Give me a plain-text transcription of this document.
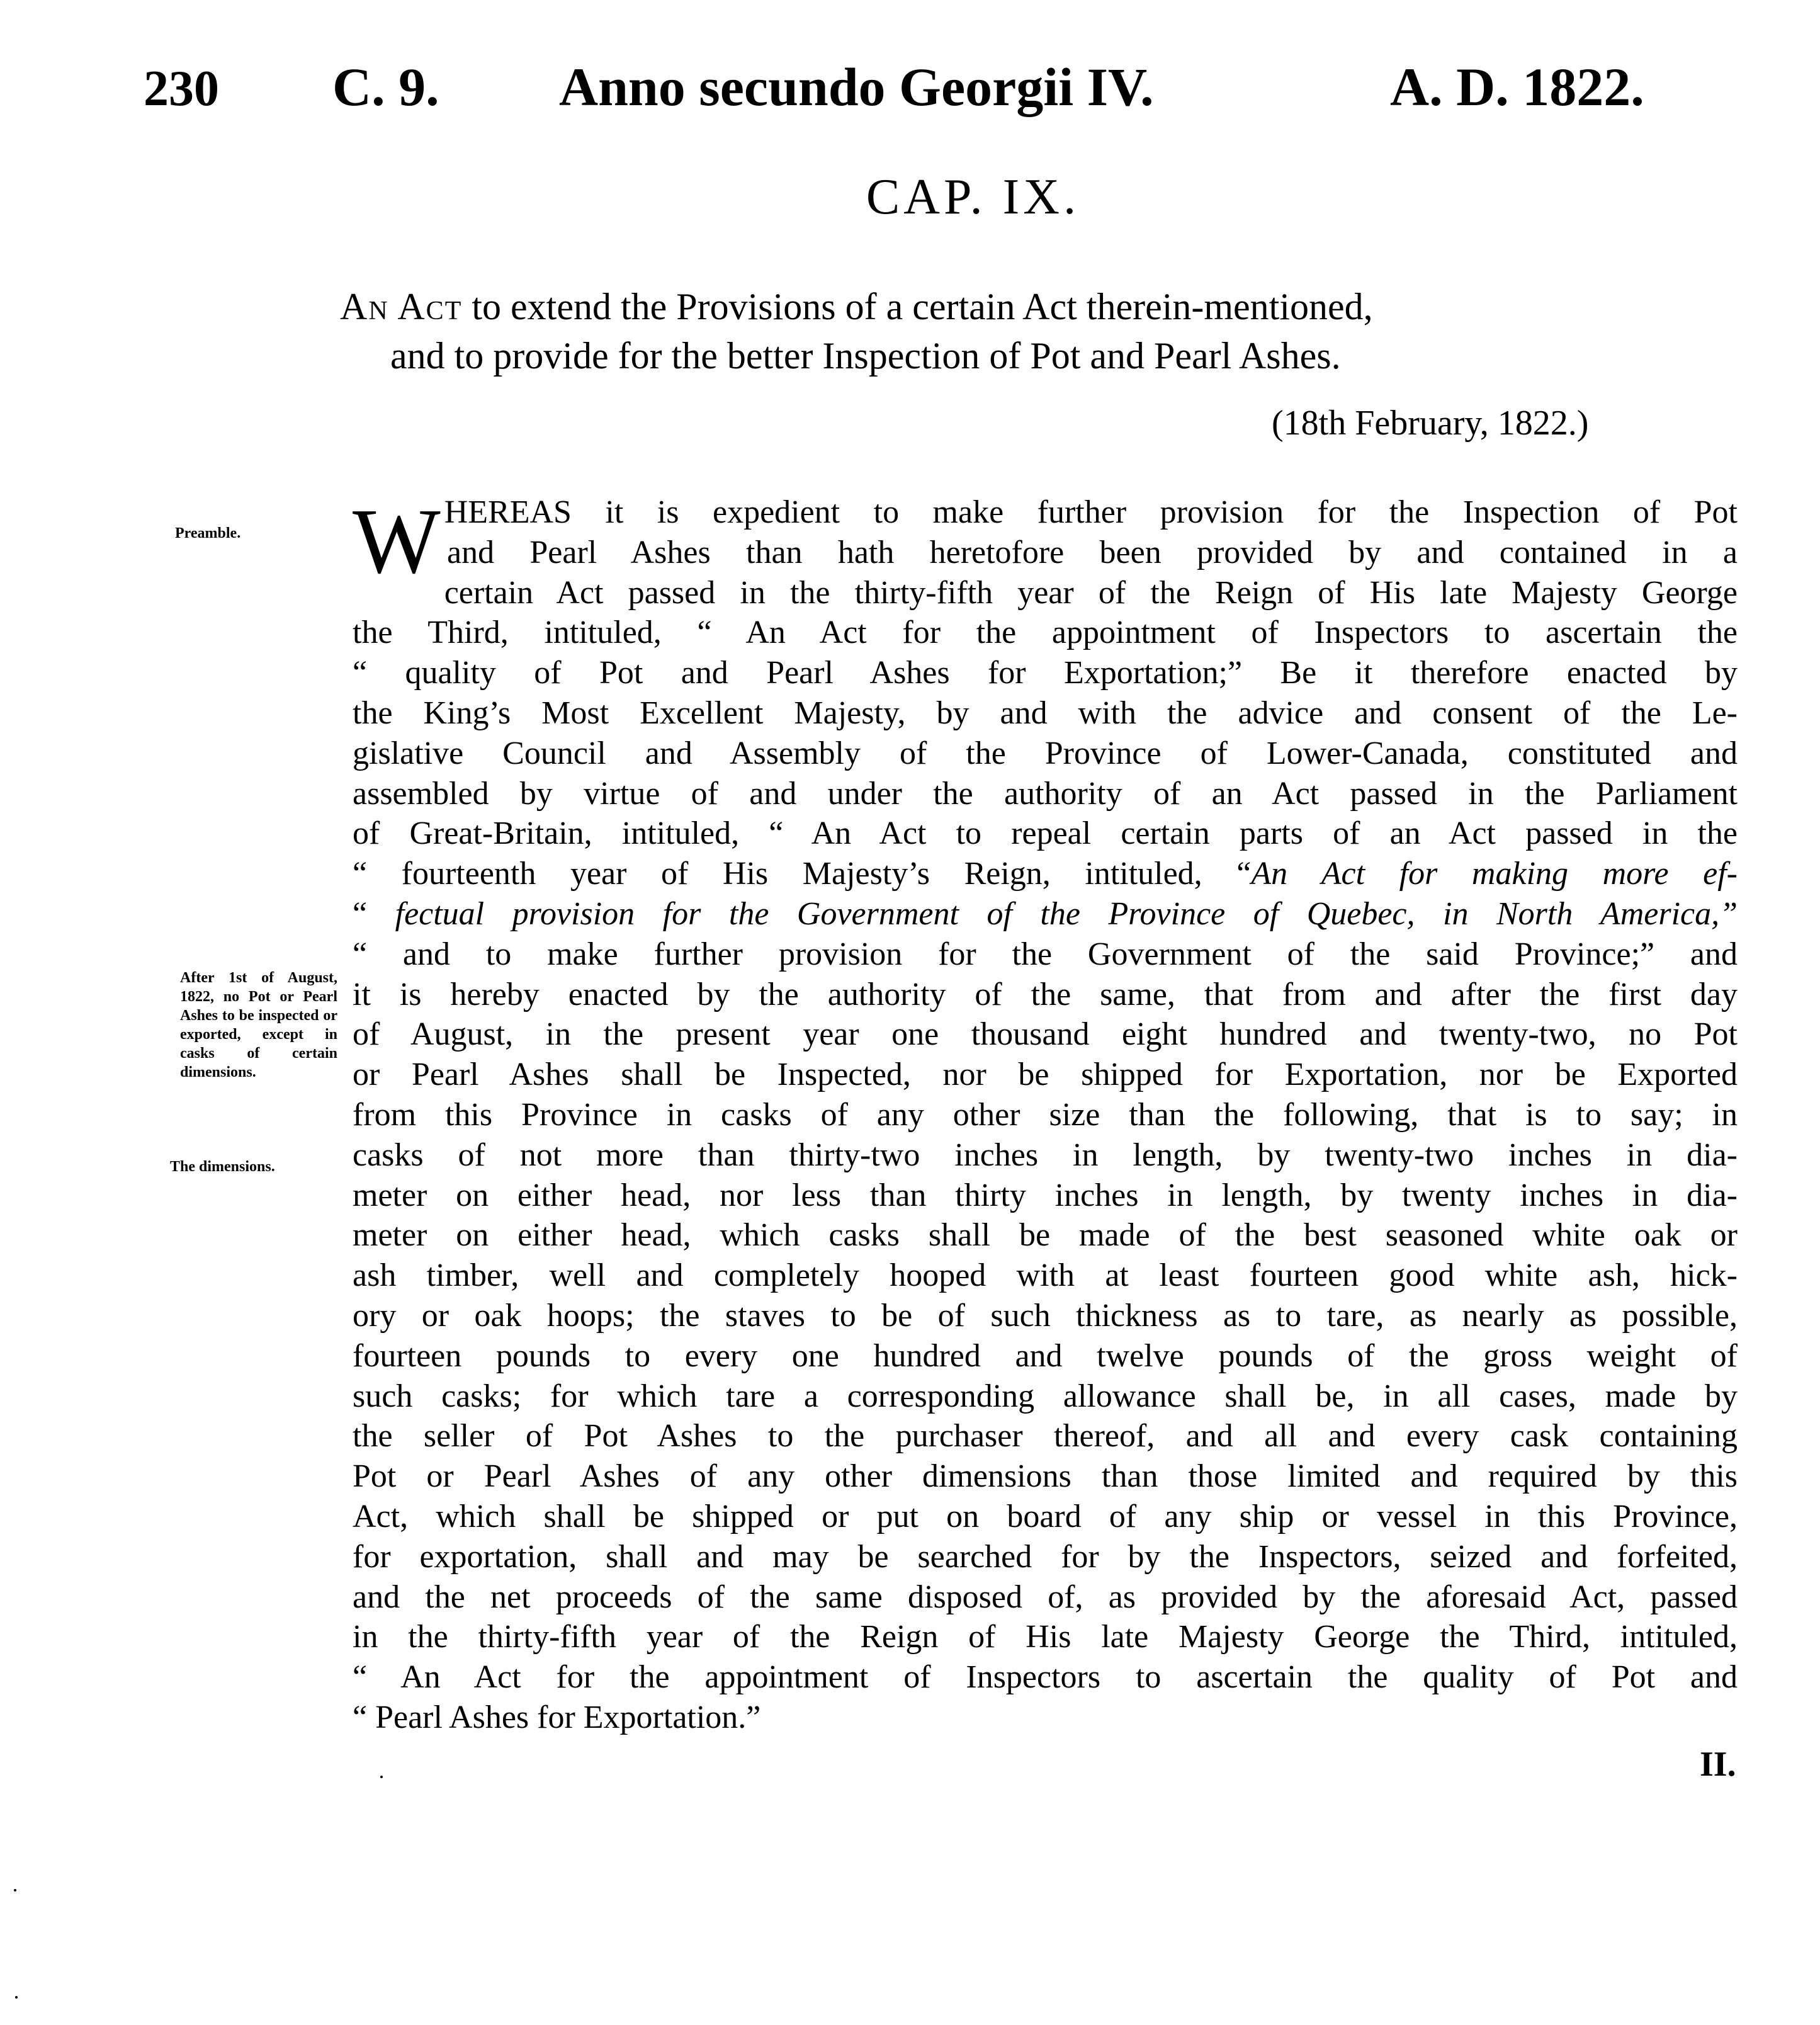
230 C. 9. Anno secundo Georgii IV.	A. D. 1822.
CAP. IX.
An Act to extend the Provisions of a certain Act therein-mentioned,
and to provide for the better Inspection of Pot and Pearl Ashes.
(18th February, 1822.)
Preamble.
After 1st of August, 1822, no Pot or Pearl Ashes to be inspected or exported, except in casks of certain dimensions.
The dimensions.
W HEREAS it is expedient to make further provision for the Inspection of Pot
and Pearl Ashes than hath heretofore been provided by and contained in a
certain Act passed in the thirty-fifth year of the Reign of His late Majesty George
the Third, intituled, “ An Act for the appointment of Inspectors to ascertain the
“ quality of Pot and Pearl Ashes for Exportation;” Be it therefore enacted by
the King’s Most Excellent Majesty, by and with the advice and consent of the Le-
gislative Council and Assembly of the Province of Lower-Canada, constituted and
assembled by virtue of and under the authority of an Act passed in the Parliament
of Great-Britain, intituled, “ An Act to repeal certain parts of an Act passed in the
“ fourteenth year of His Majesty’s Reign, intituled, “An Act for making more ef-
“ fectual provision for the Government of the Province of Quebec, in North America,”
“ and to make further provision for the Government of the said Province;” and
it is hereby enacted by the authority of the same, that from and after the first day
of August, in the present year one thousand eight hundred and twenty-two, no Pot
or Pearl Ashes shall be Inspected, nor be shipped for Exportation, nor be Exported
from this Province in casks of any other size than the following, that is to say; in
casks of not more than thirty-two inches in length, by twenty-two inches in dia-
meter on either head, nor less than thirty inches in length, by twenty inches in dia-
meter on either head, which casks shall be made of the best seasoned white oak or
ash timber, well and completely hooped with at least fourteen good white ash, hick-
ory or oak hoops; the staves to be of such thickness as to tare, as nearly as possible,
fourteen pounds to every one hundred and twelve pounds of the gross weight of
such casks; for which tare a corresponding allowance shall be, in all cases, made by
the seller of Pot Ashes to the purchaser thereof, and all and every cask containing
Pot or Pearl Ashes of any other dimensions than those limited and required by this
Act, which shall be shipped or put on board of any ship or vessel in this Province,
for exportation, shall and may be searched for by the Inspectors, seized and forfeited,
and the net proceeds of the same disposed of, as provided by the aforesaid Act, passed
in the thirty-fifth year of the Reign of His late Majesty George the Third, intituled,
“ An Act for the appointment of Inspectors to ascertain the quality of Pot and
“ Pearl Ashes for Exportation.”
II.
